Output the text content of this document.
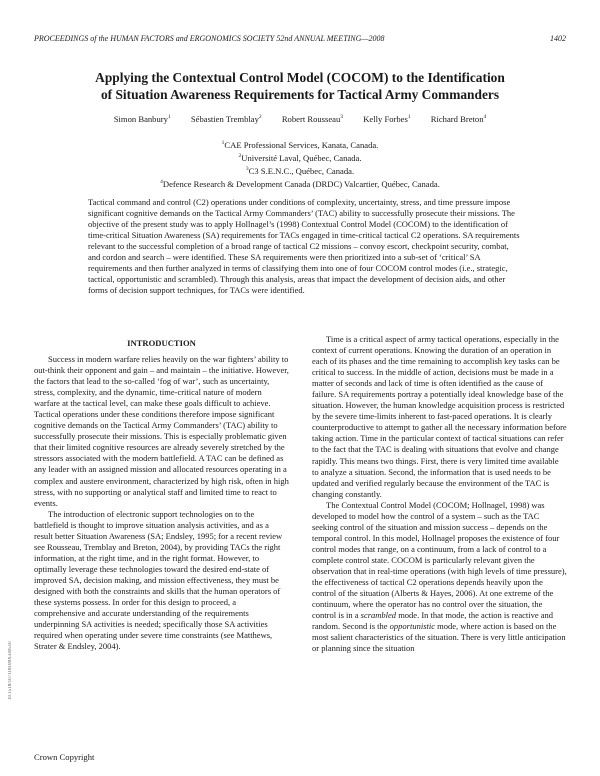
PROCEEDINGS of the HUMAN FACTORS and ERGONOMICS SOCIETY 52nd ANNUAL MEETING—2008	1402
Applying the Contextual Control Model (COCOM) to the Identification
of Situation Awareness Requirements for Tactical Army Commanders
Simon Banbury$^1$ Sébastien Tremblay$^2$ Robert Rousseau$^3$ Kelly Forbes$^1$ Richard Breton$^4$
$^1$CAE Professional Services, Kanata, Canada.
$^2$Université Laval, Québec, Canada.
$^3$C3 S.E.N.C., Québec, Canada.
$^4$Defence Research & Development Canada (DRDC) Valcartier, Québec, Canada.
Tactical command and control (C2) operations under conditions of complexity, uncertainty, stress, and time pressure impose significant cognitive demands on the Tactical Army Commanders’ (TAC) ability to successfully prosecute their missions. The objective of the present study was to apply Hollnagel’s (1998) Contextual Control Model (COCOM) to the identification of time-critical Situation Awareness (SA) requirements for TACs engaged in time-critical tactical C2 operations. SA requirements relevant to the successful completion of a broad range of tactical C2 missions – convoy escort, checkpoint security, combat, and cordon and search – were identified. These SA requirements were then prioritized into a sub-set of ‘critical’ SA requirements and then further analyzed in terms of classifying them into one of four COCOM control modes (i.e., strategic, tactical, opportunistic and scrambled). Through this analysis, areas that impact the development of decision aids, and other forms of decision support techniques, for TACs were identified.
INTRODUCTION

Success in modern warfare relies heavily on the war fighters’ ability to out-think their opponent and gain – and maintain – the initiative. However, the factors that lead to the so-called ‘fog of war’, such as uncertainty, stress, complexity, and the dynamic, time-critical nature of modern warfare at the tactical level, can make these goals difficult to achieve. Tactical operations under these conditions therefore impose significant cognitive demands on the Tactical Army Commanders’ (TAC) ability to successfully prosecute their missions. This is especially problematic given that their limited cognitive resources are already severely stretched by the stressors associated with the modern battlefield. A TAC can be defined as any leader with an assigned mission and allocated resources operating in a complex and austere environment, characterized by high risk, often in high stress, with no supporting or analytical staff and limited time to react to events.

The introduction of electronic support technologies on to the battlefield is thought to improve situation analysis activities, and as a result better Situation Awareness (SA; Endsley, 1995; for a recent review see Rousseau, Tremblay and Breton, 2004), by providing TACs the right information, at the right time, and in the right format. However, to optimally leverage these technologies toward the desired end-state of improved SA, decision making, and mission effectiveness, they must be designed with both the constraints and skills that the human operators of these systems possess. In order for this design to proceed, a comprehensive and accurate understanding of the requirements underpinning SA activities is needed; specifically those SA activities required when operating under severe time constraints (see Matthews, Strater & Endsley, 2004).

Time is a critical aspect of army tactical operations, especially in the context of current operations. Knowing the duration of an operation in each of its phases and the time remaining to accomplish key tasks can be critical to success. In the middle of action, decisions must be made in a matter of seconds and lack of time is often identified as the cause of failure. SA requirements portray a potentially ideal knowledge base of the situation. However, the human knowledge acquisition process is restricted by the severe time-limits inherent to fast-paced operations. It is clearly counterproductive to attempt to gather all the necessary information before taking action. Time in the particular context of tactical situations can refer to the fact that the TAC is dealing with situations that evolve and change rapidly. This means two things. First, there is very limited time available to analyze a situation. Second, the information that is used needs to be updated and verified regularly because the environment of the TAC is changing constantly.

The Contextual Control Model (COCOM; Hollnagel, 1998) was developed to model how the control of a system – such as the TAC seeking control of the situation and mission success – depends on the temporal control. In this model, Hollnagel proposes the existence of four control modes that range, on a continuum, from a lack of control to a complete control state. COCOM is particularly relevant given the observation that in real-time operations (with high levels of time pressure), the effectiveness of tactical C2 operations depends heavily upon the control of the situation (Alberts & Hayes, 2006). At one extreme of the continuum, where the operator has no control over the situation, the control is in a scrambled mode. In that mode, the action is reactive and random. Second is the opportunistic mode, where action is based on the most salient characteristics of the situation. There is very little anticipation or planning since the situation

10.1518/107118108X330510
Crown Copyright
